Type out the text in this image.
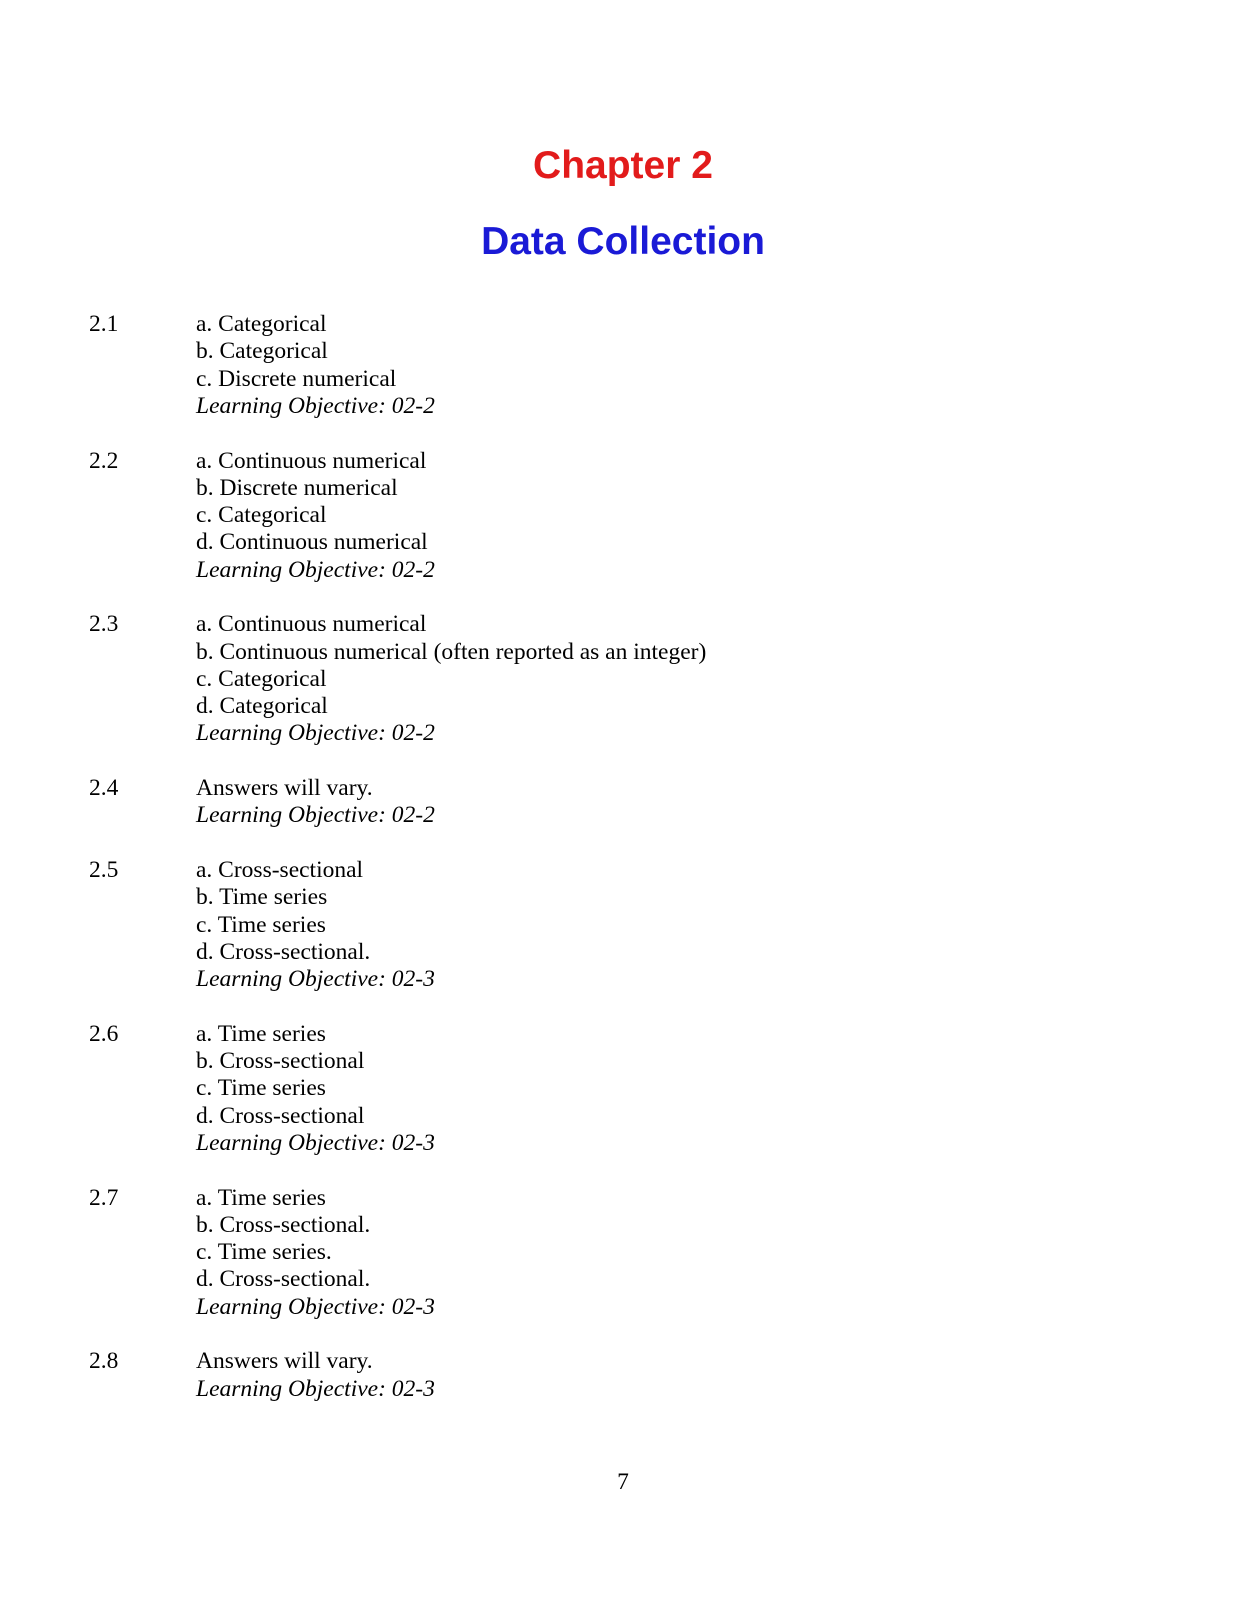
Chapter 2
Data Collection
2.1	a. Categorical
b. Categorical
c. Discrete numerical
Learning Objective: 02-2
2.2	a. Continuous numerical
b. Discrete numerical
c. Categorical
d. Continuous numerical
Learning Objective: 02-2
2.3	a. Continuous numerical
b. Continuous numerical (often reported as an integer)
c. Categorical
d. Categorical
Learning Objective: 02-2
2.4	Answers will vary.
Learning Objective: 02-2
2.5	a. Cross-sectional
b. Time series
c. Time series
d. Cross-sectional.
Learning Objective: 02-3
2.6	a. Time series
b. Cross-sectional
c. Time series
d. Cross-sectional
Learning Objective: 02-3
2.7	a. Time series
b. Cross-sectional.
c. Time series.
d. Cross-sectional.
Learning Objective: 02-3
2.8	Answers will vary.
Learning Objective: 02-3
7
